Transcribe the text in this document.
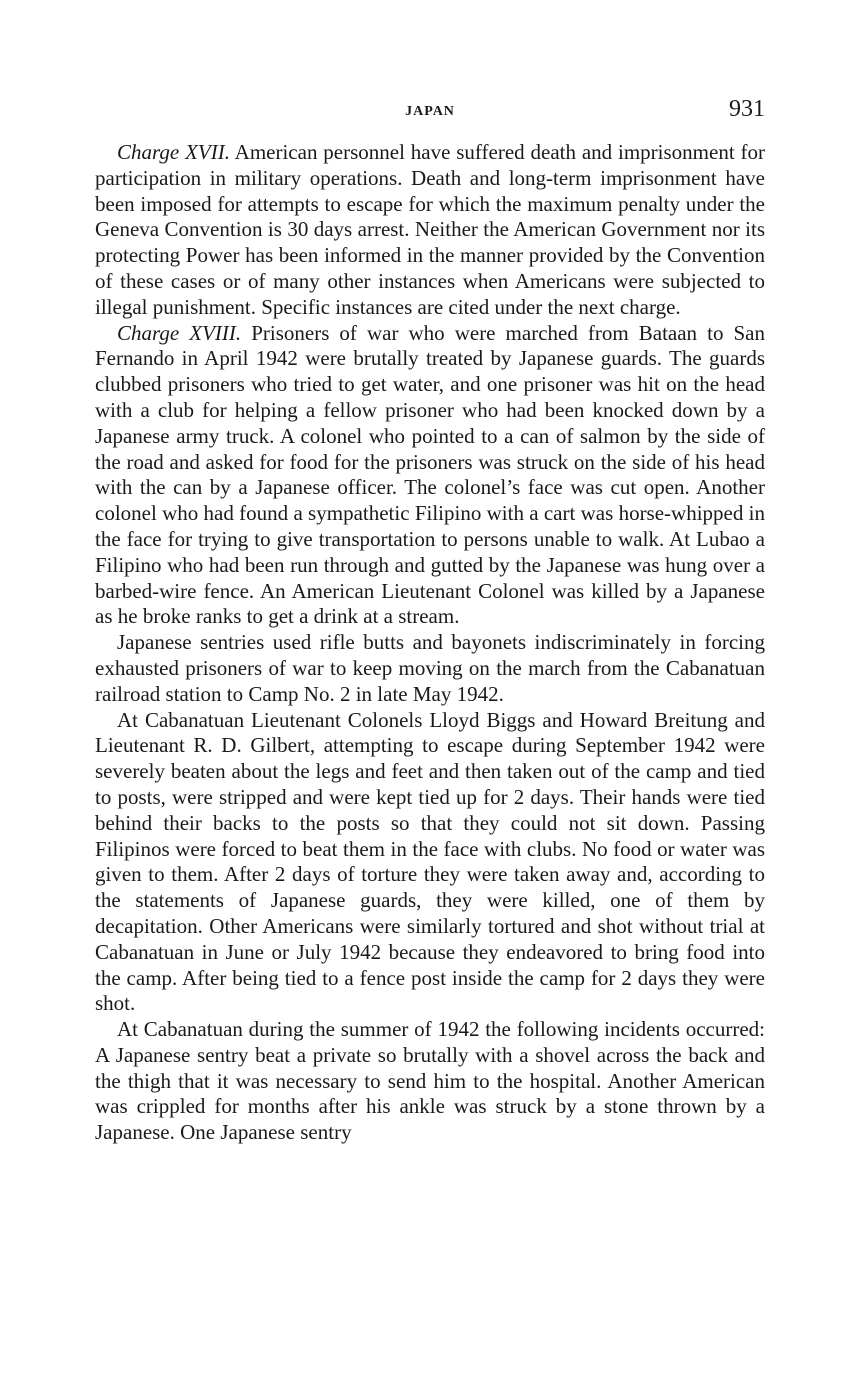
JAPAN	931

Charge XVII. American personnel have suffered death and imprisonment for participation in military operations. Death and long-term imprisonment have been imposed for attempts to escape for which the maximum penalty under the Geneva Convention is 30 days arrest. Neither the American Government nor its protecting Power has been informed in the manner provided by the Convention of these cases or of many other instances when Americans were subjected to illegal punishment. Specific instances are cited under the next charge.

Charge XVIII. Prisoners of war who were marched from Bataan to San Fernando in April 1942 were brutally treated by Japanese guards. The guards clubbed prisoners who tried to get water, and one prisoner was hit on the head with a club for helping a fellow prisoner who had been knocked down by a Japanese army truck. A colonel who pointed to a can of salmon by the side of the road and asked for food for the prisoners was struck on the side of his head with the can by a Japanese officer. The colonel’s face was cut open. Another colonel who had found a sympathetic Filipino with a cart was horse-whipped in the face for trying to give transportation to persons unable to walk. At Lubao a Filipino who had been run through and gutted by the Japanese was hung over a barbed-wire fence. An American Lieutenant Colonel was killed by a Japanese as he broke ranks to get a drink at a stream.

Japanese sentries used rifle butts and bayonets indiscriminately in forcing exhausted prisoners of war to keep moving on the march from the Cabanatuan railroad station to Camp No. 2 in late May 1942.

At Cabanatuan Lieutenant Colonels Lloyd Biggs and Howard Breitung and Lieutenant R. D. Gilbert, attempting to escape during September 1942 were severely beaten about the legs and feet and then taken out of the camp and tied to posts, were stripped and were kept tied up for 2 days. Their hands were tied behind their backs to the posts so that they could not sit down. Passing Filipinos were forced to beat them in the face with clubs. No food or water was given to them. After 2 days of torture they were taken away and, according to the statements of Japanese guards, they were killed, one of them by decapitation. Other Americans were similarly tortured and shot without trial at Cabanatuan in June or July 1942 because they endeavored to bring food into the camp. After being tied to a fence post inside the camp for 2 days they were shot.

At Cabanatuan during the summer of 1942 the following incidents occurred: A Japanese sentry beat a private so brutally with a shovel across the back and the thigh that it was necessary to send him to the hospital. Another American was crippled for months after his ankle was struck by a stone thrown by a Japanese. One Japanese sentry
